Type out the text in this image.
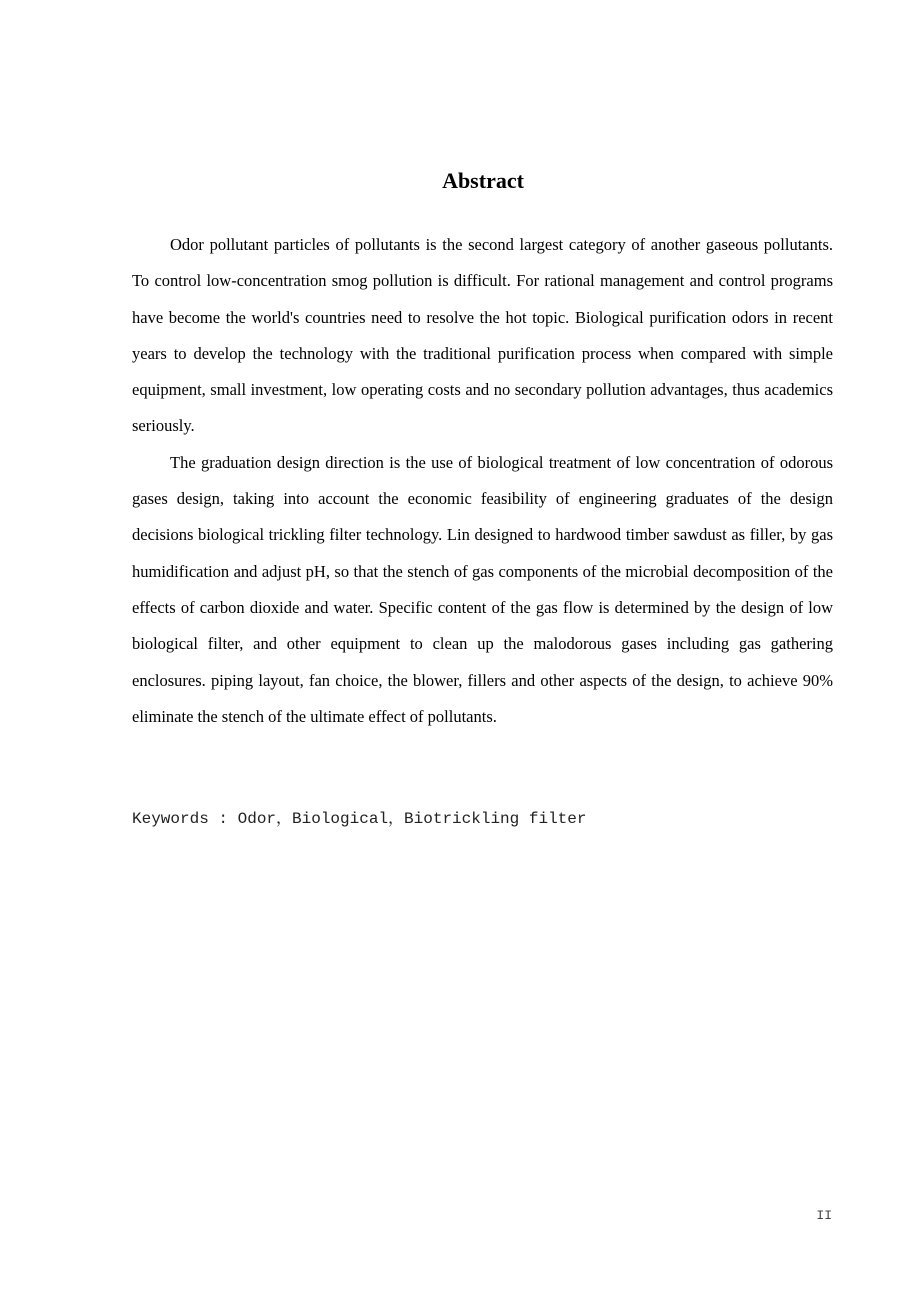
Abstract

Odor pollutant particles of pollutants is the second largest category of another gaseous pollutants. To control low-concentration smog pollution is difficult. For rational management and control programs have become the world's countries need to resolve the hot topic. Biological purification odors in recent years to develop the technology with the traditional purification process when compared with simple equipment, small investment, low operating costs and no secondary pollution advantages, thus academics seriously.

The graduation design direction is the use of biological treatment of low concentration of odorous gases design, taking into account the economic feasibility of engineering graduates of the design decisions biological trickling filter technology. Lin designed to hardwood timber sawdust as filler, by gas humidification and adjust pH, so that the stench of gas components of the microbial decomposition of the effects of carbon dioxide and water. Specific content of the gas flow is determined by the design of low biological filter, and other equipment to clean up the malodorous gases including gas gathering enclosures. piping layout, fan choice, the blower, fillers and other aspects of the design, to achieve 90% eliminate the stench of the ultimate effect of pollutants.

Keywords : Odor，Biological，Biotrickling filter

II
